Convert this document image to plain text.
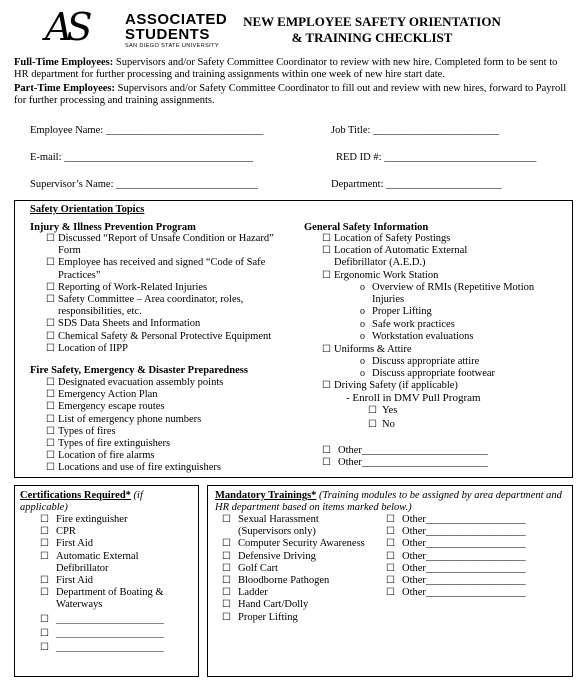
AS	ASSOCIATED
STUDENTS
SAN DIEGO STATE UNIVERSITY
NEW EMPLOYEE SAFETY ORIENTATION
& TRAINING CHECKLIST
Full-Time Employees: Supervisors and/or Safety Committee Coordinator to review with new hire. Completed form to be sent to HR department for further processing and training assignments within one week of new hire start date.
Part-Time Employees: Supervisors and/or Safety Committee Coordinator to fill out and review with new hires, forward to Payroll for further processing and training assignments.
Employee Name: ______________________________	Job Title: ________________________
E-mail: ____________________________________	RED ID #: _____________________________
Supervisor’s Name: ___________________________	Department: ______________________
Safety Orientation Topics
Injury & Illness Prevention Program
☐ Discussed “Report of Unsafe Condition or Hazard” Form
☐ Employee has received and signed “Code of Safe Practices”
☐ Reporting of Work-Related Injuries
☐ Safety Committee – Area coordinator, roles, responsibilities, etc.
☐ SDS Data Sheets and Information
☐ Chemical Safety & Personal Protective Equipment
☐ Location of IIPP
Fire Safety, Emergency & Disaster Preparedness
☐ Designated evacuation assembly points
☐ Emergency Action Plan
☐ Emergency escape routes
☐ List of emergency phone numbers
☐ Types of fires
☐ Types of fire extinguishers
☐ Location of fire alarms
☐ Locations and use of fire extinguishers
General Safety Information
☐ Location of Safety Postings
☐ Location of Automatic External Defibrillator (A.E.D.)
☐ Ergonomic Work Station
o Overview of RMIs (Repetitive Motion Injuries
o Proper Lifting
o Safe work practices
o Workstation evaluations
☐ Uniforms & Attire
o Discuss appropriate attire
o Discuss appropriate footwear
☐ Driving Safety (if applicable)
- Enroll in DMV Pull Program
☐ Yes
☐ No
☐ Other________________________
☐ Other________________________
Certifications Required* (if applicable)
☐ Fire extinguisher
☐ CPR
☐ First Aid
☐ Automatic External Defibrillator
☐ First Aid
☐ Department of Boating & Waterways
☐ ________________________
☐ ________________________
☐ ________________________
Mandatory Trainings* (Training modules to be assigned by area department and HR department based on items marked below.)
☐ Sexual Harassment (Supervisors only)
☐ Computer Security Awareness
☐ Defensive Driving
☐ Golf Cart
☐ Bloodborne Pathogen
☐ Ladder
☐ Hand Cart/Dolly
☐ Proper Lifting
☐ Other___________________
☐ Other___________________
☐ Other___________________
☐ Other___________________
☐ Other___________________
☐ Other___________________
☐ Other___________________
